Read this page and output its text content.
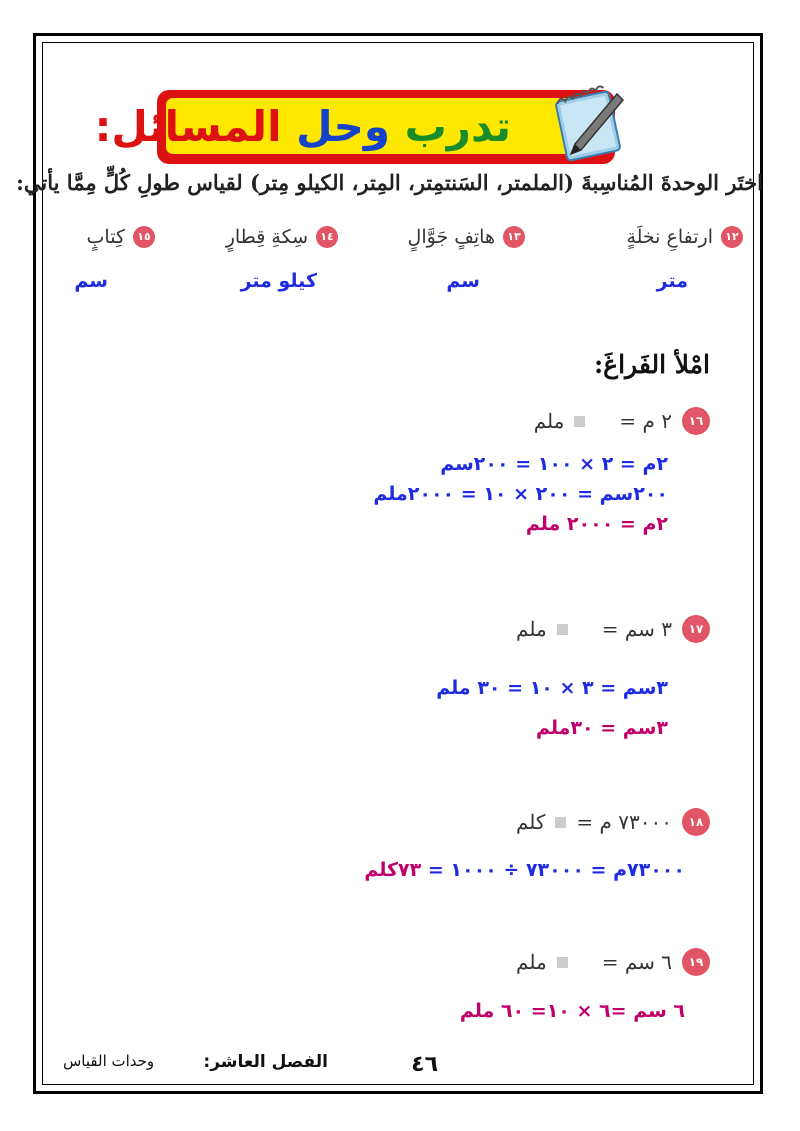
تدرب وحل المسائل:
اختَر الوحدةَ المُناسِبةَ (الملمتر، السَنتمِتر، المِتر، الكيلو مِتر) لقياس طولِ كُلٍّ مِمَّا يأتي:
١٢
ارتفاعِ نخلَةٍ
١٣
هاتِفٍ جَوَّالٍ
١٤
سِكةِ قِطارٍ
١٥
كِتابٍ
متر
سم
كيلو متر
سم
امْلأ الفَراغَ:
١٦
٢ م =
ملم
٢م = ٢ × ١٠٠ = ٢٠٠سم
٢٠٠سم = ٢٠٠ × ١٠ = ٢٠٠٠ملم
٢م = ٢٠٠٠ ملم
١٧
٣ سم =
ملم
٣سم = ٣ × ١٠ = ٣٠ ملم
٣سم = ٣٠ملم
١٨
٧٣٠٠٠ م =
كلم
٧٣٠٠٠م = ٧٣٠٠٠ ÷ ١٠٠٠ = ٧٣كلم
١٩
٦ سم =
ملم
٦ سم =٦ × ١٠= ٦٠ ملم
٤٦
الفصل العاشر:
وحدات القياس
